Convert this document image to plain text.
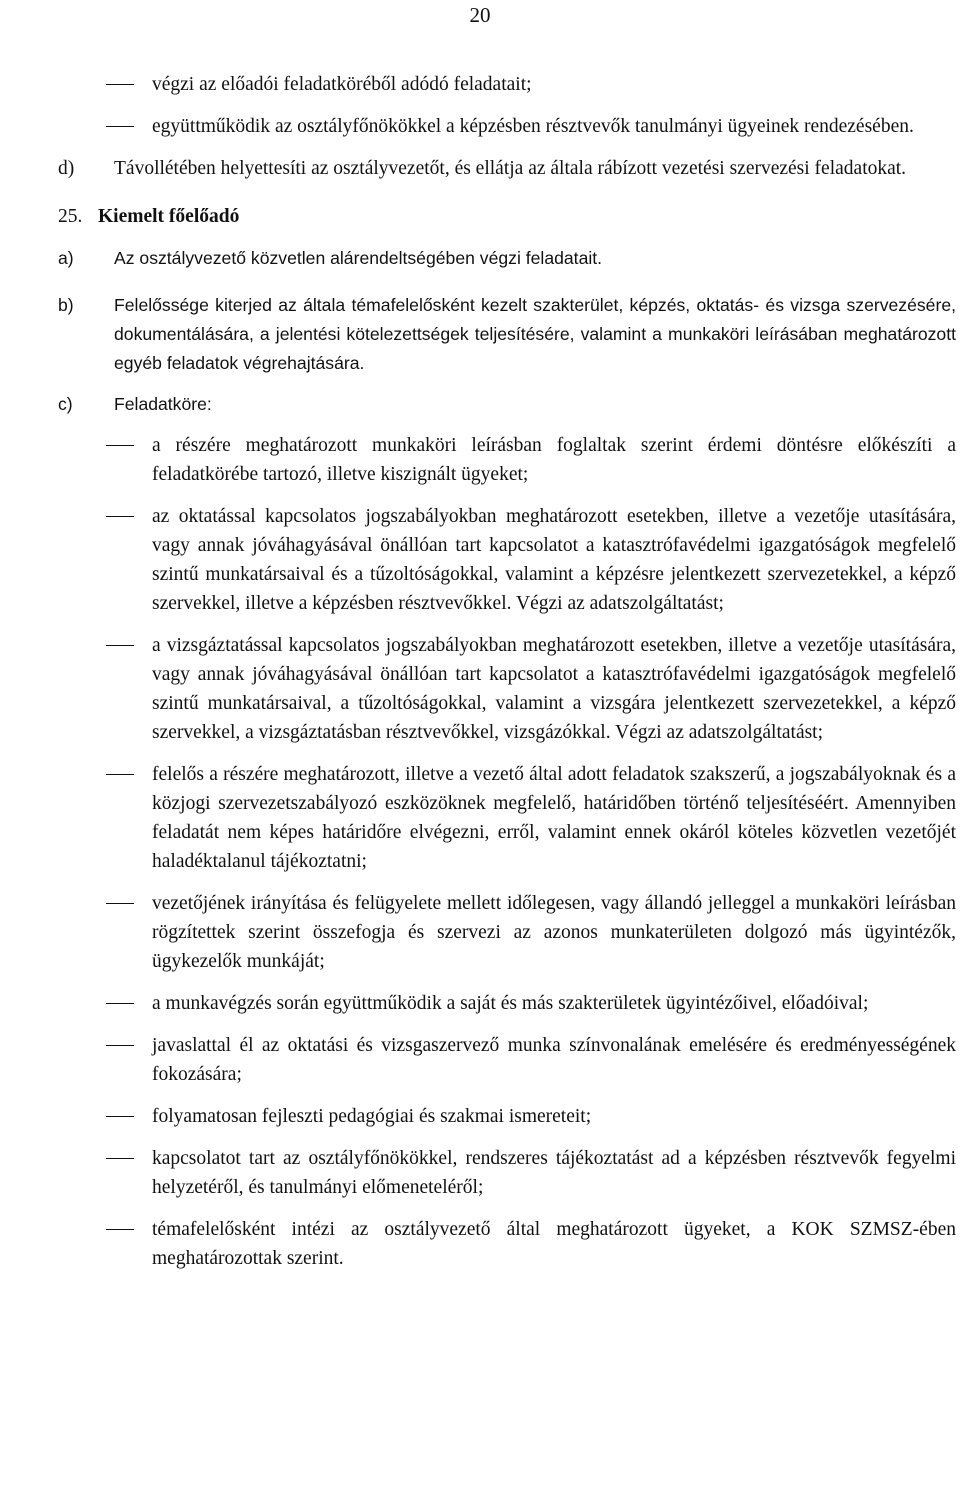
20
végzi az előadói feladatköréből adódó feladatait;
együttműködik az osztályfőnökökkel a képzésben résztvevők tanulmányi ügyeinek rendezésében.
d) Távollétében helyettesíti az osztályvezetőt, és ellátja az általa rábízott vezetési szervezési feladatokat.
25. Kiemelt főelőadó
a) Az osztályvezető közvetlen alárendeltségében végzi feladatait.
b) Felelőssége kiterjed az általa témafelelősként kezelt szakterület, képzés, oktatás- és vizsga szervezésére, dokumentálására, a jelentési kötelezettségek teljesítésére, valamint a munkaköri leírásában meghatározott egyéb feladatok végrehajtására.
c) Feladatköre:
a részére meghatározott munkaköri leírásban foglaltak szerint érdemi döntésre előkészíti a feladatkörébe tartozó, illetve kiszignált ügyeket;
az oktatással kapcsolatos jogszabályokban meghatározott esetekben, illetve a vezetője utasítására, vagy annak jóváhagyásával önállóan tart kapcsolatot a katasztrófavédelmi igazgatóságok megfelelő szintű munkatársaival és a tűzoltóságokkal, valamint a képzésre jelentkezett szervezetekkel, a képző szervekkel, illetve a képzésben résztvevőkkel. Végzi az adatszolgáltatást;
a vizsgáztatással kapcsolatos jogszabályokban meghatározott esetekben, illetve a vezetője utasítására, vagy annak jóváhagyásával önállóan tart kapcsolatot a katasztrófavédelmi igazgatóságok megfelelő szintű munkatársaival, a tűzoltóságokkal, valamint a vizsgára jelentkezett szervezetekkel, a képző szervekkel, a vizsgáztatásban résztvevőkkel, vizsgázókkal. Végzi az adatszolgáltatást;
felelős a részére meghatározott, illetve a vezető által adott feladatok szakszerű, a jogszabályoknak és a közjogi szervezetszabályozó eszközöknek megfelelő, határidőben történő teljesítéséért. Amennyiben feladatát nem képes határidőre elvégezni, erről, valamint ennek okáról köteles közvetlen vezetőjét haladéktalanul tájékoztatni;
vezetőjének irányítása és felügyelete mellett időlegesen, vagy állandó jelleggel a munkaköri leírásban rögzítettek szerint összefogja és szervezi az azonos munkaterületen dolgozó más ügyintézők, ügykezelők munkáját;
a munkavégzés során együttműködik a saját és más szakterületek ügyintézőivel, előadóival;
javaslattal él az oktatási és vizsgaszervező munka színvonalának emelésére és eredményességének fokozására;
folyamatosan fejleszti pedagógiai és szakmai ismereteit;
kapcsolatot tart az osztályfőnökökkel, rendszeres tájékoztatást ad a képzésben résztvevők fegyelmi helyzetéről, és tanulmányi előmeneteléről;
témafelelősként intézi az osztályvezető által meghatározott ügyeket, a KOK SZMSZ-ében meghatározottak szerint.
